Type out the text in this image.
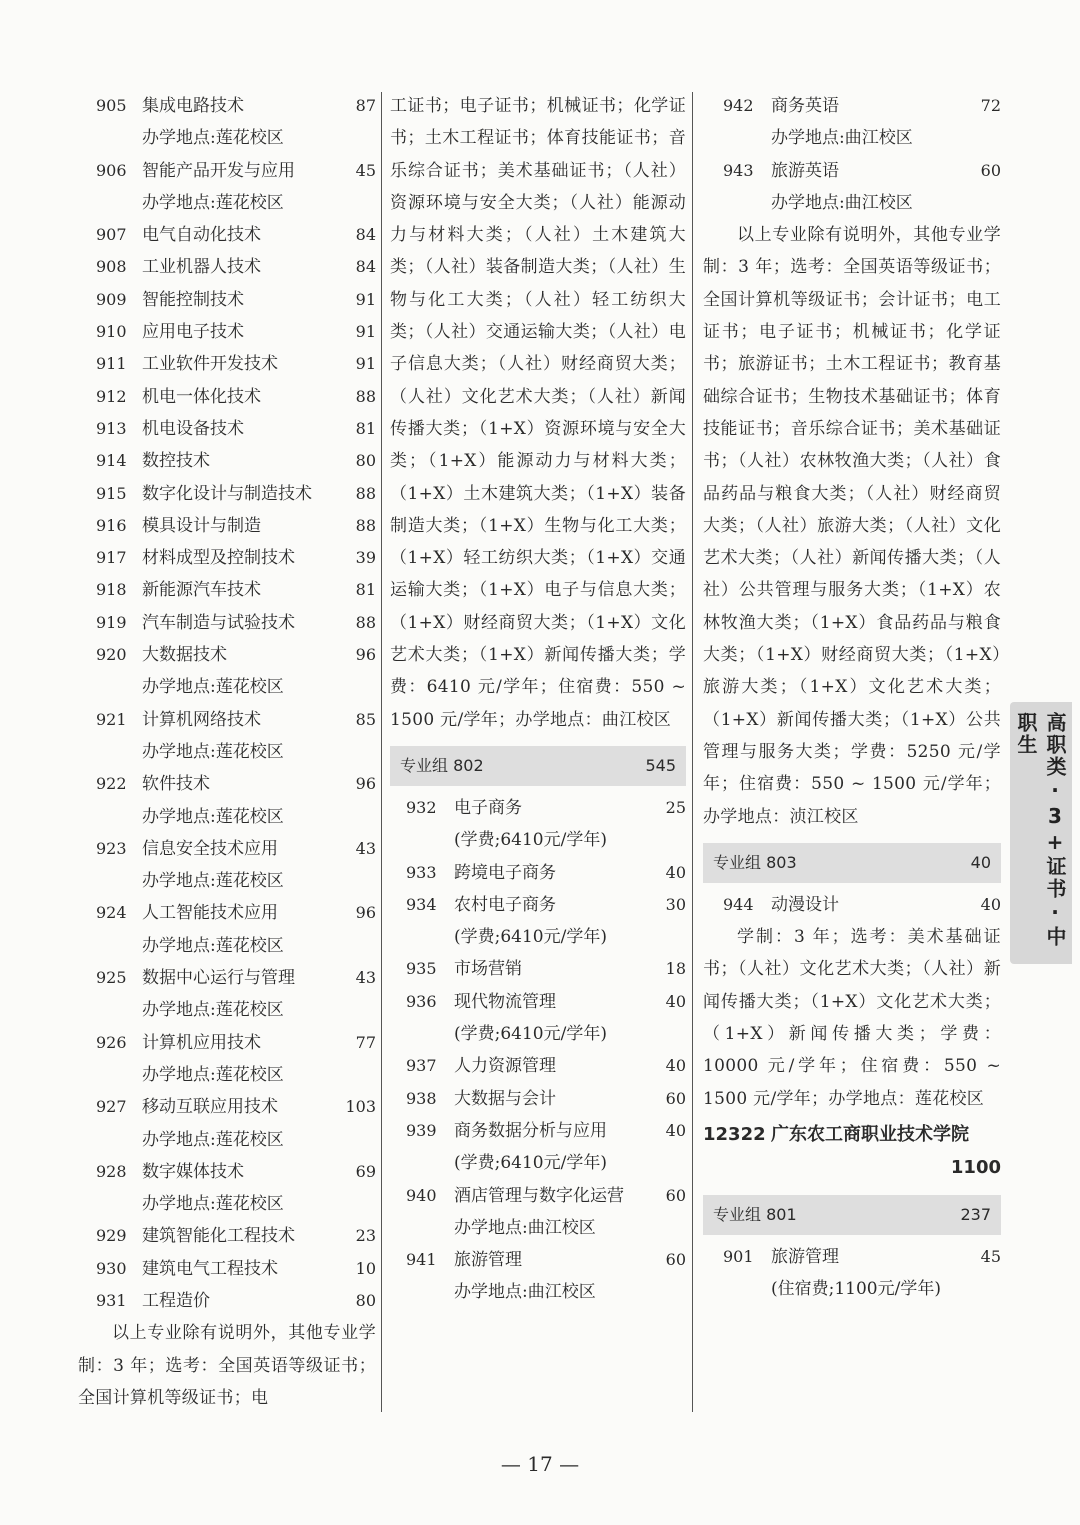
905 集成电路技术	87
办学地点:莲花校区
906 智能产品开发与应用	45
办学地点:莲花校区
907 电气自动化技术	84
908 工业机器人技术	84
909 智能控制技术	91
910 应用电子技术	91
911 工业软件开发技术	91
912 机电一体化技术	88
913 机电设备技术	81
914 数控技术	80
915 数字化设计与制造技术	88
916 模具设计与制造	88
917 材料成型及控制技术	39
918 新能源汽车技术	81
919 汽车制造与试验技术	88
920 大数据技术	96
办学地点:莲花校区
921 计算机网络技术	85
办学地点:莲花校区
922 软件技术	96
办学地点:莲花校区
923 信息安全技术应用	43
办学地点:莲花校区
924 人工智能技术应用	96
办学地点:莲花校区
925 数据中心运行与管理	43
办学地点:莲花校区
926 计算机应用技术	77
办学地点:莲花校区
927 移动互联应用技术	103
办学地点:莲花校区
928 数字媒体技术	69
办学地点:莲花校区
929 建筑智能化工程技术	23
930 建筑电气工程技术	10
931 工程造价	80

以上专业除有说明外，其他专业学制：3 年；选考：全国英语等级证书；全国计算机等级证书；电

工证书；电子证书；机械证书；化学证书；土木工程证书；体育技能证书；音乐综合证书；美术基础证书；（人社）资源环境与安全大类；（人社）能源动力与材料大类；（人社）土木建筑大类；（人社）装备制造大类；（人社）生物与化工大类；（人社）轻工纺织大类；（人社）交通运输大类；（人社）电子信息大类；（人社）财经商贸大类；（人社）文化艺术大类；（人社）新闻传播大类；（1+X）资源环境与安全大类；（1+X）能源动力与材料大类；（1+X）土木建筑大类；（1+X）装备制造大类；（1+X）生物与化工大类；（1+X）轻工纺织大类；（1+X）交通运输大类；（1+X）电子与信息大类；（1+X）财经商贸大类；（1+X）文化艺术大类；（1+X）新闻传播大类；学费：6410 元/学年；住宿费：550 ~ 1500 元/学年；办学地点：曲江校区

专业组 802	545
932 电子商务	25
(学费;6410元/学年)
933 跨境电子商务	40
934 农村电子商务	30
(学费;6410元/学年)
935 市场营销	18
936 现代物流管理	40
(学费;6410元/学年)
937 人力资源管理	40
938 大数据与会计	60
939 商务数据分析与应用	40
(学费;6410元/学年)
940 酒店管理与数字化运营	60
办学地点:曲江校区
941 旅游管理	60
办学地点:曲江校区
942 商务英语	72
办学地点:曲江校区
943 旅游英语	60
办学地点:曲江校区

以上专业除有说明外，其他专业学制：3 年；选考：全国英语等级证书；全国计算机等级证书；会计证书；电工证书；电子证书；机械证书；化学证书；旅游证书；土木工程证书；教育基础综合证书；生物技术基础证书；体育技能证书；音乐综合证书；美术基础证书；（人社）农林牧渔大类；（人社）食品药品与粮食大类；（人社）财经商贸大类；（人社）旅游大类；（人社）文化艺术大类；（人社）新闻传播大类；（人社）公共管理与服务大类；（1+X）农林牧渔大类；（1+X）食品药品与粮食大类；（1+X）财经商贸大类；（1+X）旅游大类；（1+X）文化艺术大类；（1+X）新闻传播大类；（1+X）公共管理与服务大类；学费：5250 元/学年；住宿费：550 ~ 1500 元/学年；办学地点：浈江校区

专业组 803	40
944 动漫设计	40

学制：3 年；选考：美术基础证书；（人社）文化艺术大类；（人社）新闻传播大类；（1+X）文化艺术大类；（1+X）新闻传播大类；学费：10000 元/学年；住宿费：550 ~ 1500 元/学年；办学地点：莲花校区

12322 广东农工商职业技术学院
1100
专业组 801	237
901 旅游管理	45
(住宿费;1100元/学年)
高职类·3+证书·中职生
— 17 —
